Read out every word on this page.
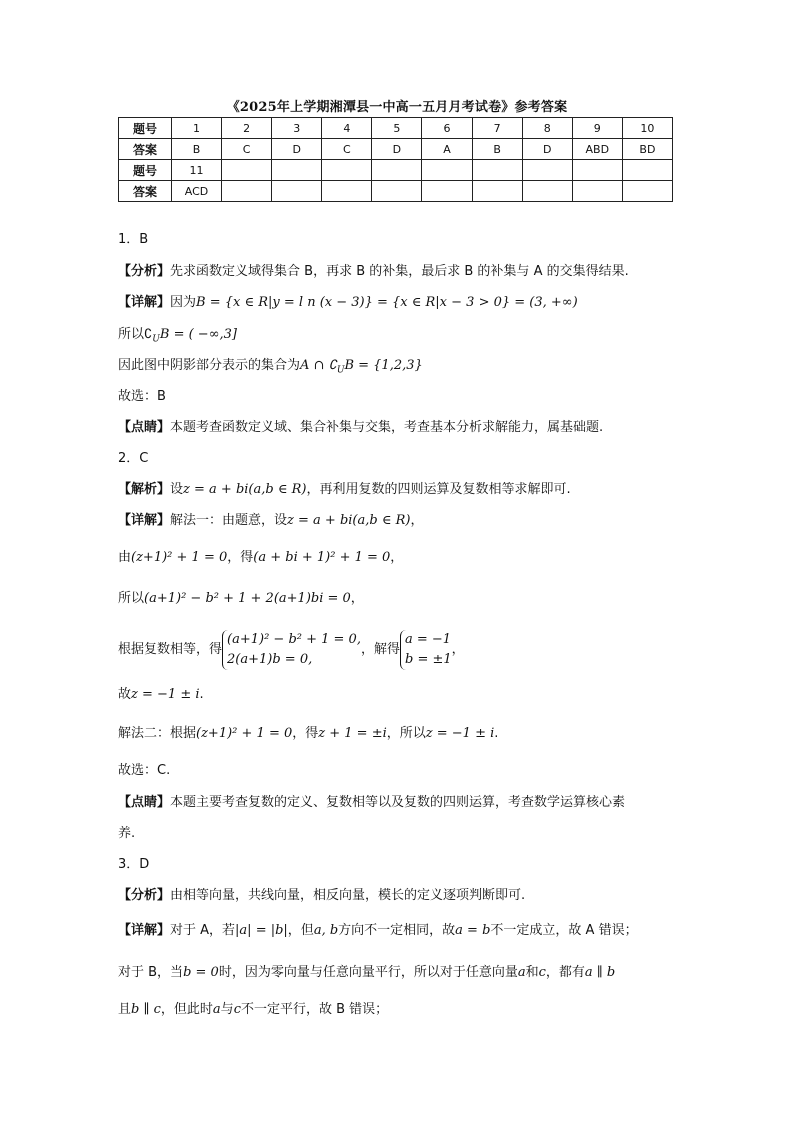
《2025年上学期湘潭县一中高一五月月考试卷》参考答案
题号	1	2	3	4	5	6	7	8	9	10
答案	B	C	D	C	D	A	B	D	ABD	BD
题号	11									
答案	ACD									
1．B
【分析】先求函数定义域得集合 B，再求 B 的补集，最后求 B 的补集与 A 的交集得结果.
【详解】因为B = {x ∈ R|y = l n (x − 3)} = {x ∈ R|x − 3 > 0} = (3, +∞)
所以$∁_UB$ = ( −∞,3]
因此图中阴影部分表示的集合为A ∩ $∁_UB = \{1,2,3\}$
故选：B
【点睛】本题考查函数定义域、集合补集与交集，考查基本分析求解能力，属基础题.
2．C
【解析】设z = a + bi(a,b ∈ R)，再利用复数的四则运算及复数相等求解即可.
【详解】解法一：由题意，设z = a + bi(a,b ∈ R)，
由(z+1)² + 1 = 0，得(a + bi + 1)² + 1 = 0，
所以(a+1)² − b² + 1 + 2(a+1)bi = 0，
根据复数相等，得
(a+1)² − b² + 1 = 0,
2(a+1)b = 0,
，解得
a = −1
b = ±1
，
故z = −1 ± i.
解法二：根据(z+1)² + 1 = 0，得z + 1 = ±i，所以z = −1 ± i.
故选：C.
【点睛】本题主要考查复数的定义、复数相等以及复数的四则运算，考查数学运算核心素
养.
3．D
【分析】由相等向量，共线向量，相反向量，模长的定义逐项判断即可.
【详解】对于 A，若|a| = |b|，但a, b方向不一定相同，故a = b不一定成立，故 A 错误；
对于 B，当b = 0时，因为零向量与任意向量平行，所以对于任意向量a和c，都有a ∥ b
且b ∥ c，但此时a与c不一定平行，故 B 错误；
